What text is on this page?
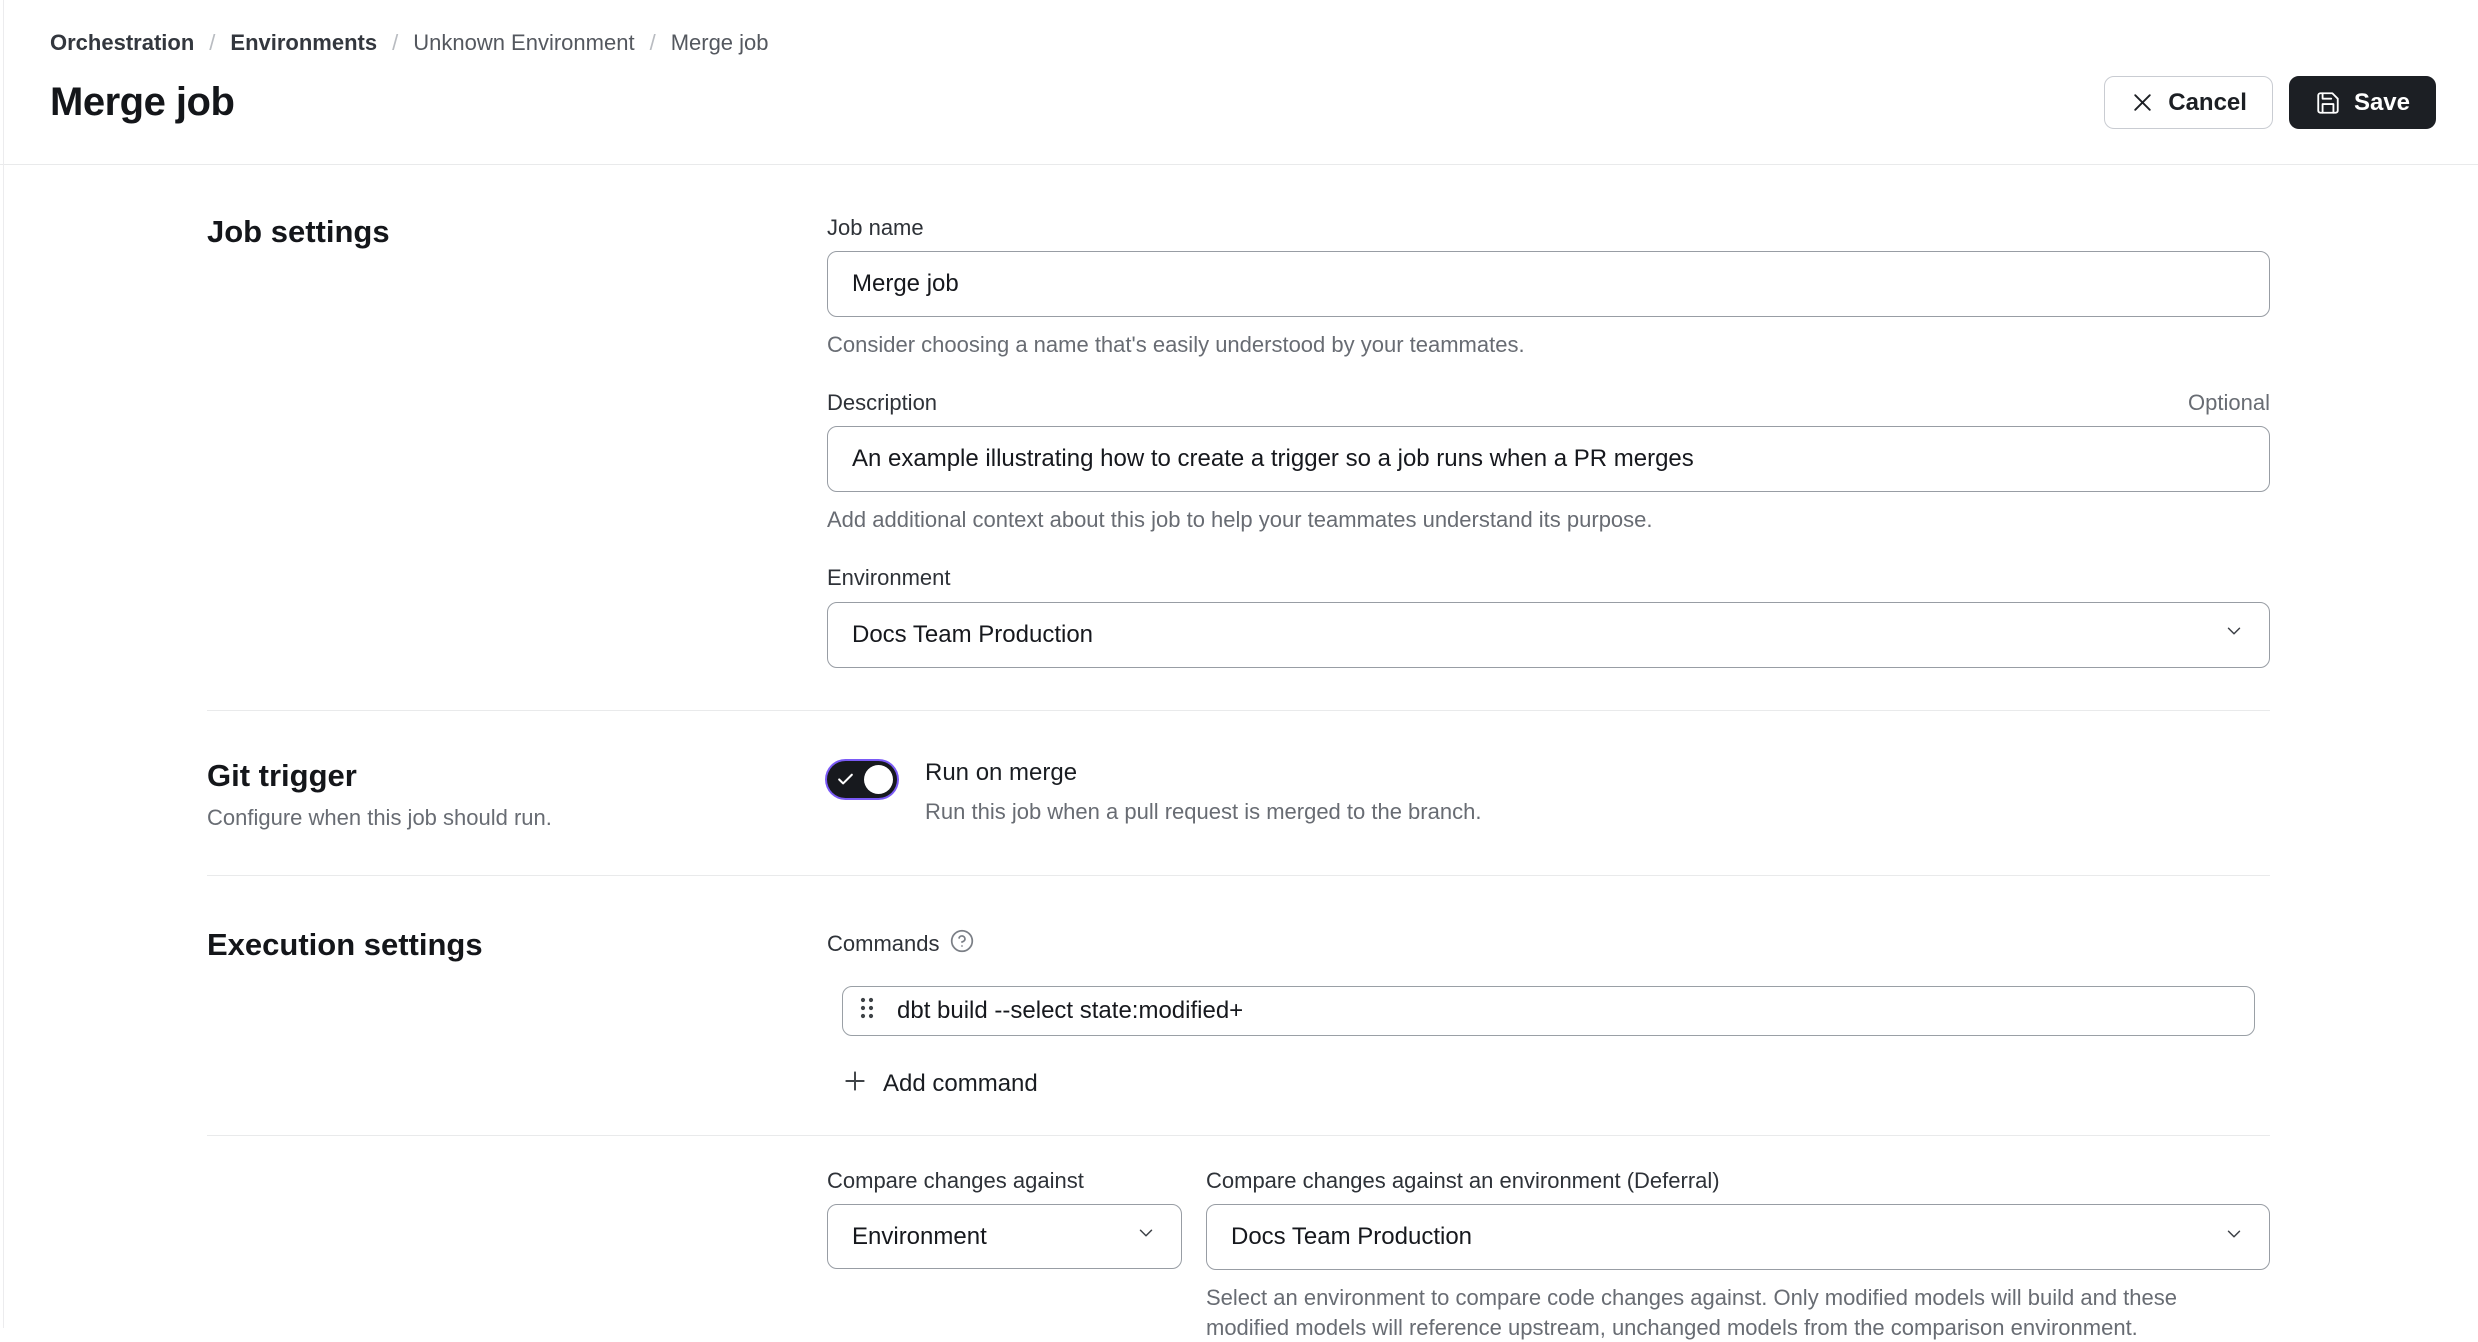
Orchestration / Environments / Unknown Environment / Merge job
Merge job	Cancel	Save
Job settings	Job name
Merge job
Consider choosing a name that's easily understood by your teammates.
Description	Optional
An example illustrating how to create a trigger so a job runs when a PR merges
Add additional context about this job to help your teammates understand its purpose.
Environment
Docs Team Production
Git trigger
Configure when this job should run.
Run on merge
Run this job when a pull request is merged to the branch.
Execution settings	Commands
dbt build --select state:modified+
Add command
Compare changes against
Environment
Compare changes against an environment (Deferral)
Docs Team Production
Select an environment to compare code changes against. Only modified models will build and these modified models will reference upstream, unchanged models from the comparison environment.
